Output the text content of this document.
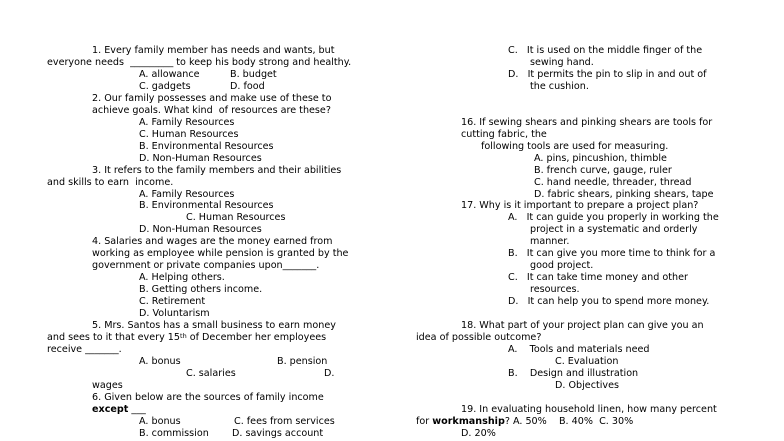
1. Every family member has needs and wants, but
everyone needs  _________ to keep his body strong and healthy.
A. allowance	B. budget
C. gadgets	D. food
2. Our family possesses and make use of these to
achieve goals. What kind  of resources are these?
A. Family Resources
C. Human Resources
B. Environmental Resources
D. Non-Human Resources
3. It refers to the family members and their abilities
and skills to earn  income.
A. Family Resources
B. Environmental Resources
C. Human Resources
D. Non-Human Resources
4. Salaries and wages are the money earned from
working as employee while pension is granted by the
government or private companies upon_______.
A. Helping others.
B. Getting others income.
C. Retirement
D. Voluntarism
5. Mrs. Santos has a small business to earn money
and sees to it that every 15th of December her employees
receive _______.
A. bonus	B. pension
C. salaries	D.
wages
6. Given below are the sources of family income
except ___
A. bonus	C. fees from services
B. commission D. savings account
C.   It is used on the middle finger of the
sewing hand.
D.   It permits the pin to slip in and out of
the cushion.
16. If sewing shears and pinking shears are tools for
cutting fabric, the
following tools are used for measuring.
A. pins, pincushion, thimble
B. french curve, gauge, ruler
C. hand needle, threader, thread
D. fabric shears, pinking shears, tape
17. Why is it important to prepare a project plan?
A.   It can guide you properly in working the
project in a systematic and orderly
manner.
B.   It can give you more time to think for a
good project.
C.   It can take time money and other
resources.
D.   It can help you to spend more money.
18. What part of your project plan can give you an
idea of possible outcome?
A.    Tools and materials need
C. Evaluation
B.    Design and illustration
D. Objectives
19. In evaluating household linen, how many percent
for workmanship? A. 50%    B. 40%  C. 30%
D. 20%
